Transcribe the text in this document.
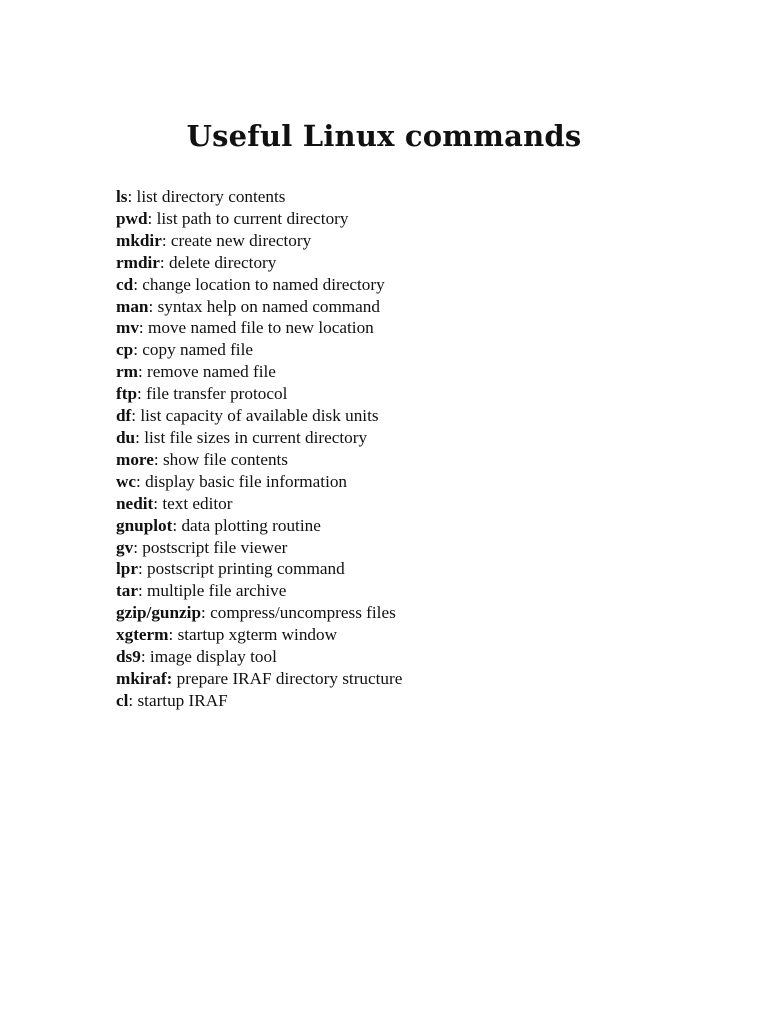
Useful Linux commands
ls: list directory contents
pwd: list path to current directory
mkdir: create new directory
rmdir: delete directory
cd: change location to named directory
man: syntax help on named command
mv: move named file to new location
cp: copy named file
rm: remove named file
ftp: file transfer protocol
df: list capacity of available disk units
du: list file sizes in current directory
more: show file contents
wc: display basic file information
nedit: text editor
gnuplot: data plotting routine
gv: postscript file viewer
lpr: postscript printing command
tar: multiple file archive
gzip/gunzip: compress/uncompress files
xgterm: startup xgterm window
ds9: image display tool
mkiraf: prepare IRAF directory structure
cl: startup IRAF
